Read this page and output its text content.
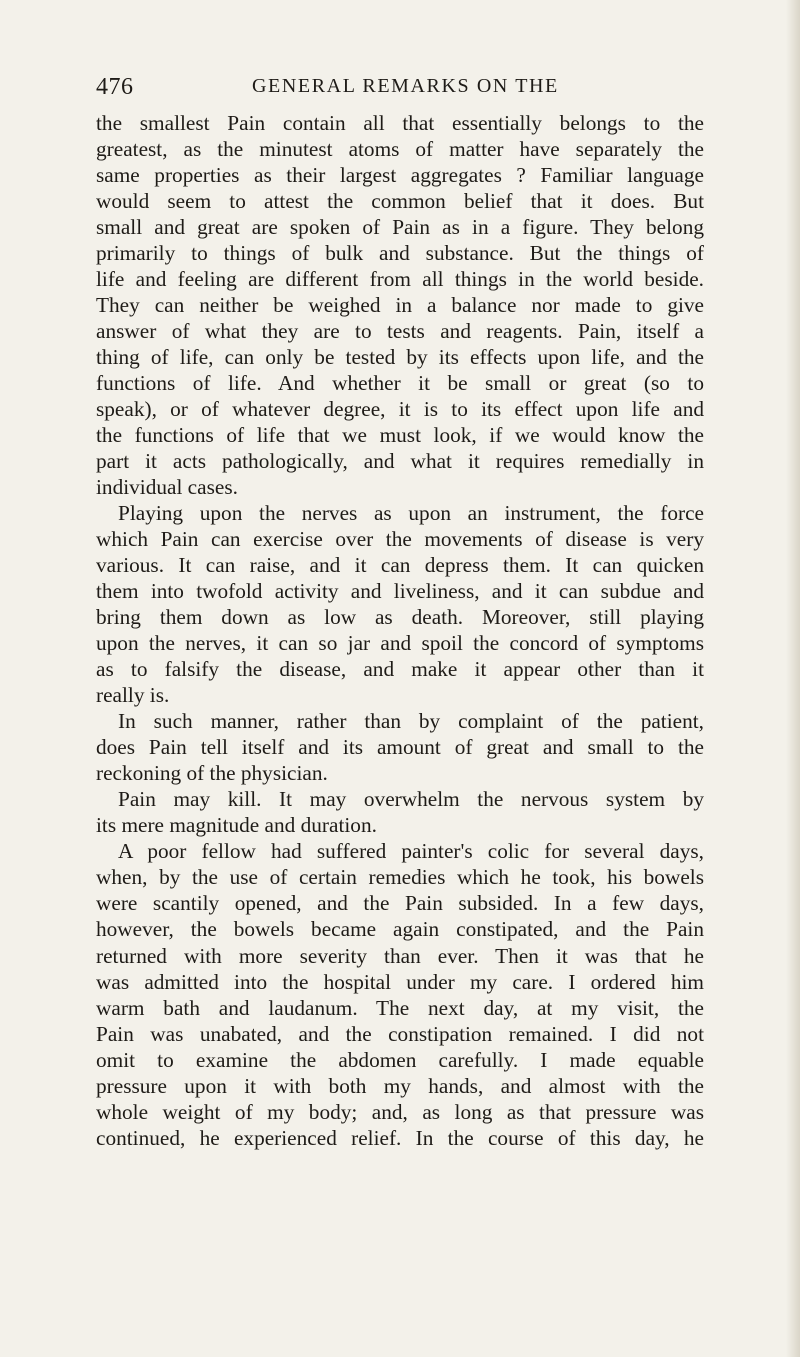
476	GENERAL REMARKS ON THE
the smallest Pain contain all that essentially belongs to the
greatest, as the minutest atoms of matter have separately the
same properties as their largest aggregates ? Familiar language
would seem to attest the common belief that it does. But
small and great are spoken of Pain as in a figure. They belong
primarily to things of bulk and substance. But the things of
life and feeling are different from all things in the world beside.
They can neither be weighed in a balance nor made to give
answer of what they are to tests and reagents. Pain, itself a
thing of life, can only be tested by its effects upon life, and the
functions of life. And whether it be small or great (so to
speak), or of whatever degree, it is to its effect upon life and
the functions of life that we must look, if we would know the
part it acts pathologically, and what it requires remedially in
individual cases.
Playing upon the nerves as upon an instrument, the force
which Pain can exercise over the movements of disease is very
various. It can raise, and it can depress them. It can quicken
them into twofold activity and liveliness, and it can subdue and
bring them down as low as death. Moreover, still playing
upon the nerves, it can so jar and spoil the concord of symptoms
as to falsify the disease, and make it appear other than it
really is.
In such manner, rather than by complaint of the patient,
does Pain tell itself and its amount of great and small to the
reckoning of the physician.
Pain may kill. It may overwhelm the nervous system by
its mere magnitude and duration.
A poor fellow had suffered painter's colic for several days,
when, by the use of certain remedies which he took, his bowels
were scantily opened, and the Pain subsided. In a few days,
however, the bowels became again constipated, and the Pain
returned with more severity than ever. Then it was that he
was admitted into the hospital under my care. I ordered him
warm bath and laudanum. The next day, at my visit, the
Pain was unabated, and the constipation remained. I did not
omit to examine the abdomen carefully. I made equable
pressure upon it with both my hands, and almost with the
whole weight of my body; and, as long as that pressure was
continued, he experienced relief. In the course of this day, he
